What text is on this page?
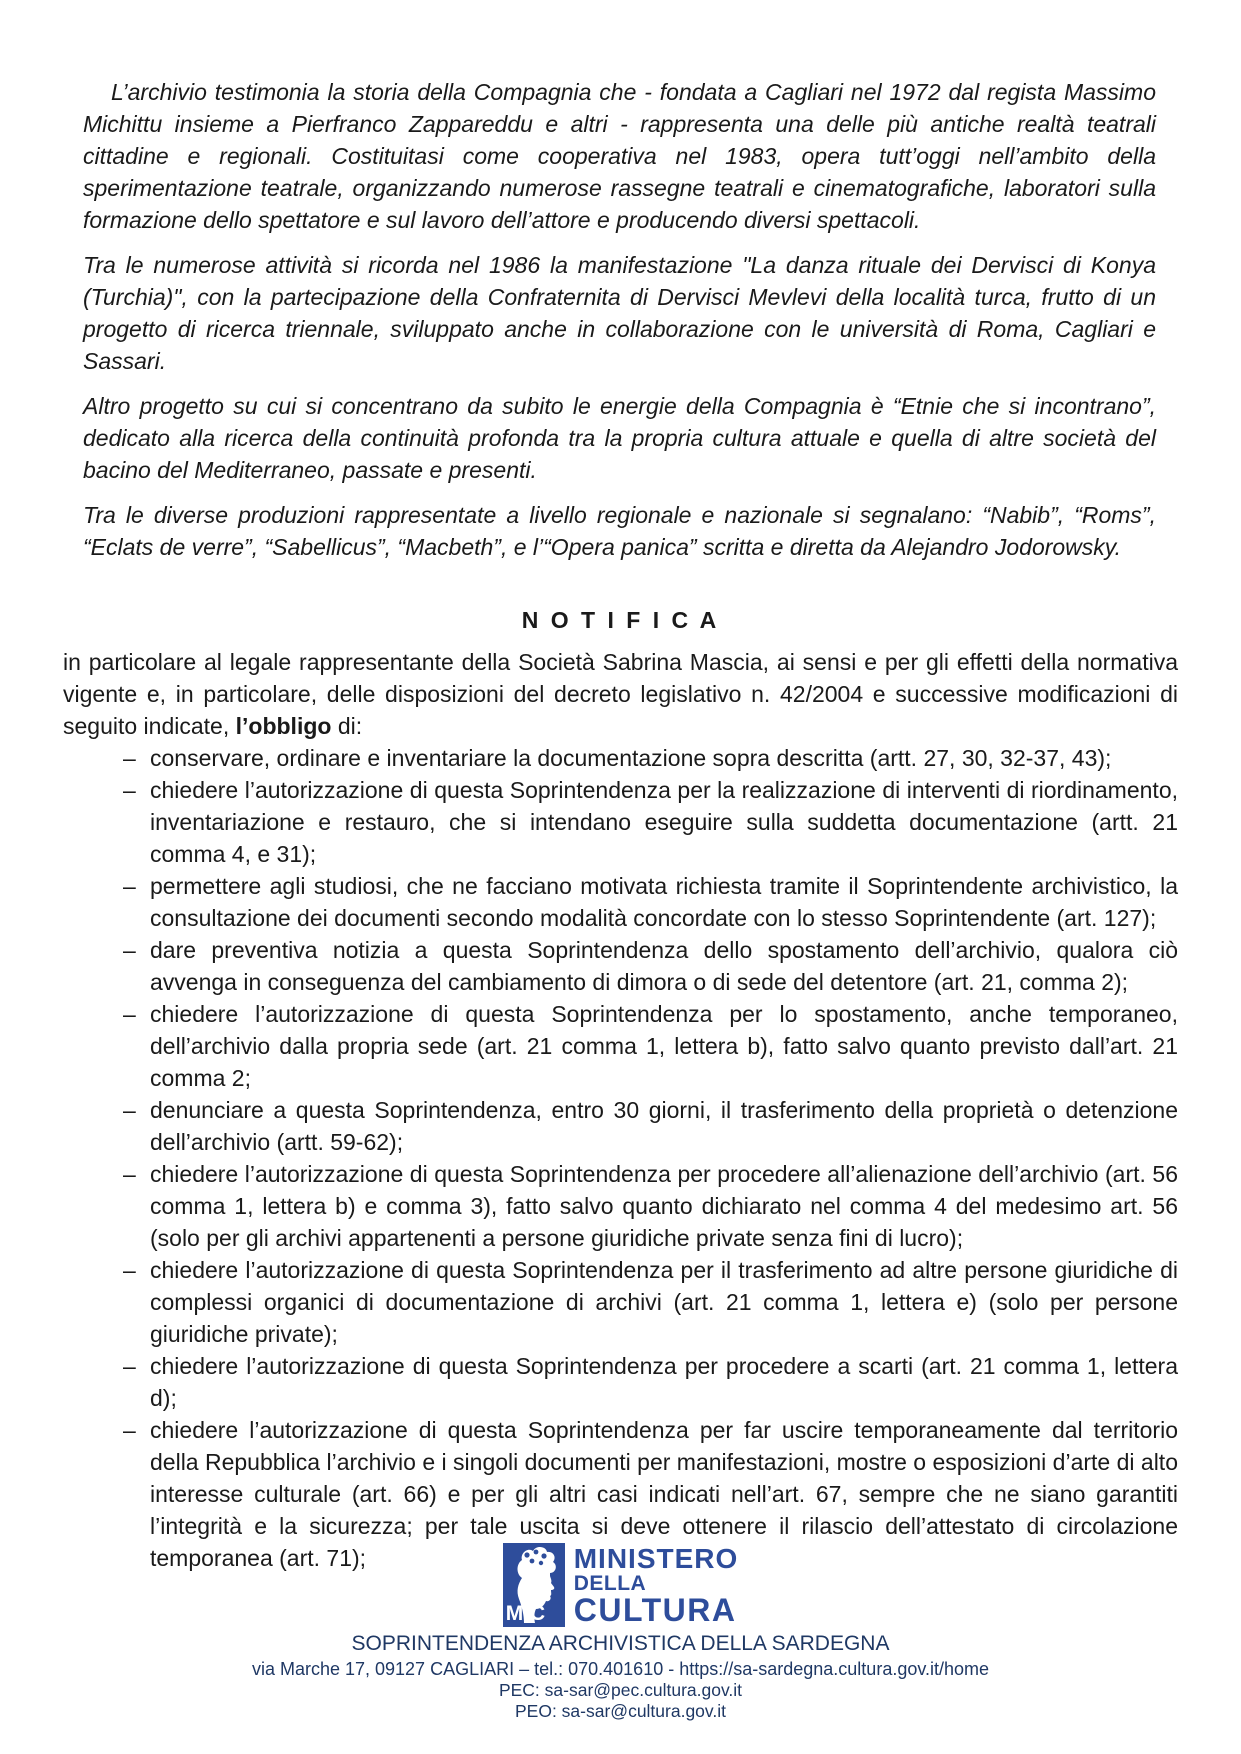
L’archivio testimonia la storia della Compagnia che - fondata a Cagliari nel 1972 dal regista Massimo Michittu insieme a Pierfranco Zappareddu e altri - rappresenta una delle più antiche realtà teatrali cittadine e regionali. Costituitasi come cooperativa nel 1983, opera tutt’oggi nell’ambito della sperimentazione teatrale, organizzando numerose rassegne teatrali e cinematografiche, laboratori sulla formazione dello spettatore e sul lavoro dell’attore e producendo diversi spettacoli.

Tra le numerose attività si ricorda nel 1986 la manifestazione "La danza rituale dei Dervisci di Konya (Turchia)", con la partecipazione della Confraternita di Dervisci Mevlevi della località turca, frutto di un progetto di ricerca triennale, sviluppato anche in collaborazione con le università di Roma, Cagliari e Sassari.

Altro progetto su cui si concentrano da subito le energie della Compagnia è “Etnie che si incontrano”, dedicato alla ricerca della continuità profonda tra la propria cultura attuale e quella di altre società del bacino del Mediterraneo, passate e presenti.

Tra le diverse produzioni rappresentate a livello regionale e nazionale si segnalano: “Nabib”, “Roms”, “Eclats de verre”, “Sabellicus”, “Macbeth”, e l’“Opera panica” scritta e diretta da Alejandro Jodorowsky.

N O T I F I C A

in particolare al legale rappresentante della Società Sabrina Mascia, ai sensi e per gli effetti della normativa vigente e, in particolare, delle disposizioni del decreto legislativo n. 42/2004 e successive modificazioni di seguito indicate, l’obbligo di:

– conservare, ordinare e inventariare la documentazione sopra descritta (artt. 27, 30, 32-37, 43);
– chiedere l’autorizzazione di questa Soprintendenza per la realizzazione di interventi di riordinamento, inventariazione e restauro, che si intendano eseguire sulla suddetta documentazione (artt. 21 comma 4, e 31);
– permettere agli studiosi, che ne facciano motivata richiesta tramite il Soprintendente archivistico, la consultazione dei documenti secondo modalità concordate con lo stesso Soprintendente (art. 127);
– dare preventiva notizia a questa Soprintendenza dello spostamento dell’archivio, qualora ciò avvenga in conseguenza del cambiamento di dimora o di sede del detentore (art. 21, comma 2);
– chiedere l’autorizzazione di questa Soprintendenza per lo spostamento, anche temporaneo, dell’archivio dalla propria sede (art. 21 comma 1, lettera b), fatto salvo quanto previsto dall’art. 21 comma 2;
– denunciare a questa Soprintendenza, entro 30 giorni, il trasferimento della proprietà o detenzione dell’archivio (artt. 59-62);
– chiedere l’autorizzazione di questa Soprintendenza per procedere all’alienazione dell’archivio (art. 56 comma 1, lettera b) e comma 3), fatto salvo quanto dichiarato nel comma 4 del medesimo art. 56 (solo per gli archivi appartenenti a persone giuridiche private senza fini di lucro);
– chiedere l’autorizzazione di questa Soprintendenza per il trasferimento ad altre persone giuridiche di complessi organici di documentazione di archivi (art. 21 comma 1, lettera e) (solo per persone giuridiche private);
– chiedere l’autorizzazione di questa Soprintendenza per procedere a scarti (art. 21 comma 1, lettera d);
– chiedere l’autorizzazione di questa Soprintendenza per far uscire temporaneamente dal territorio della Repubblica l’archivio e i singoli documenti per manifestazioni, mostre o esposizioni d’arte di alto interesse culturale (art. 66) e per gli altri casi indicati nell’art. 67, sempre che ne siano garantiti l’integrità e la sicurezza; per tale uscita si deve ottenere il rilascio dell’attestato di circolazione temporanea (art. 71);
MiC
MINISTERO
DELLA
CULTURA
SOPRINTENDENZA ARCHIVISTICA DELLA SARDEGNA
via Marche 17, 09127 CAGLIARI – tel.: 070.401610 - https://sa-sardegna.cultura.gov.it/home
PEC: sa-sar@pec.cultura.gov.it
PEO: sa-sar@cultura.gov.it
